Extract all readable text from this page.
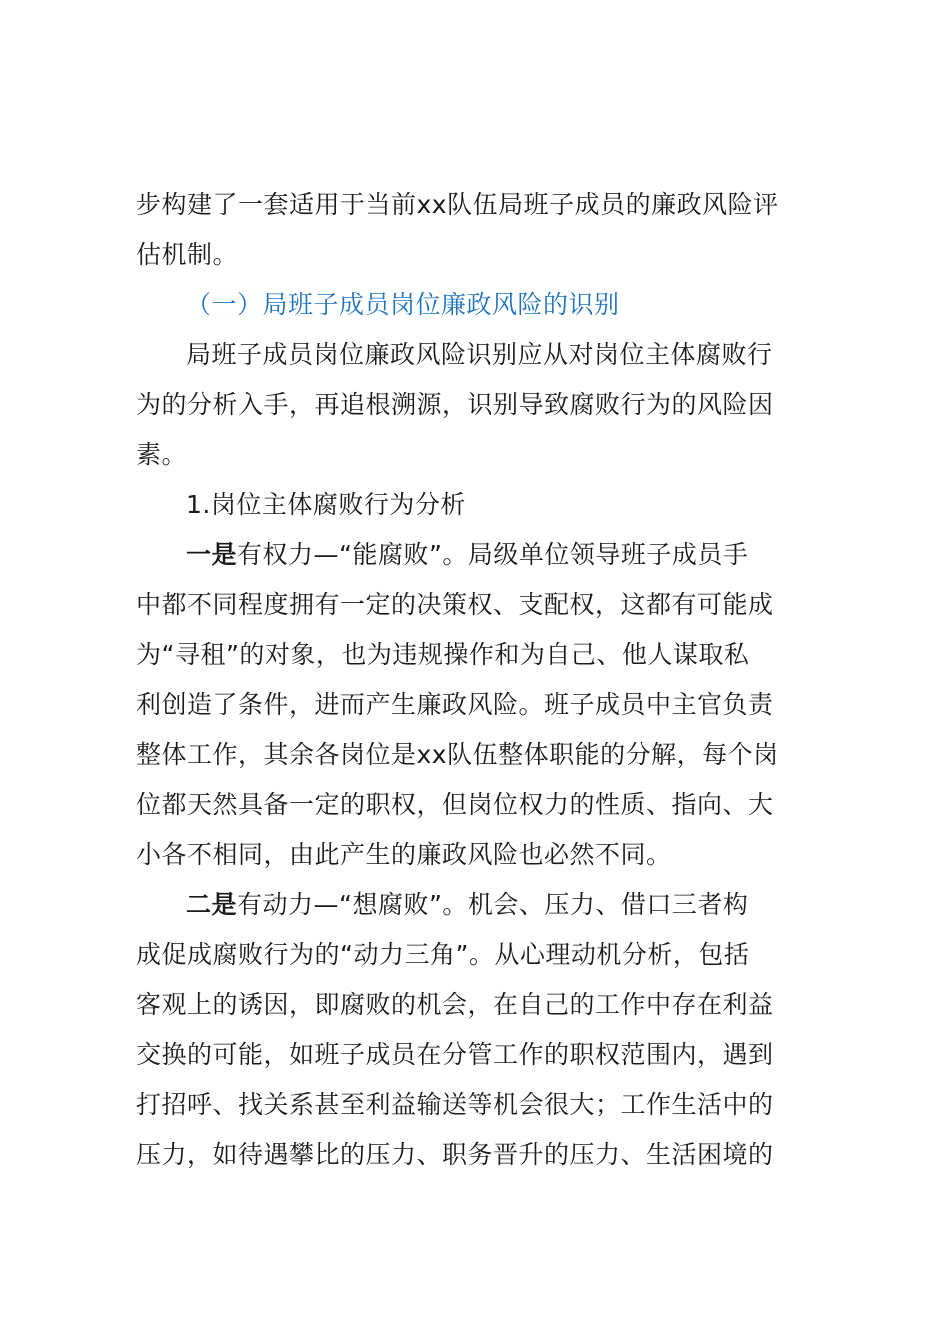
步构建了一套适用于当前xx队伍局班子成员的廉政风险评
估机制。
（一）局班子成员岗位廉政风险的识别
局班子成员岗位廉政风险识别应从对岗位主体腐败行
为的分析入手，再追根溯源，识别导致腐败行为的风险因
素。
1.岗位主体腐败行为分析
一是有权力—“能腐败”。局级单位领导班子成员手
中都不同程度拥有一定的决策权、支配权，这都有可能成
为“寻租”的对象，也为违规操作和为自己、他人谋取私
利创造了条件，进而产生廉政风险。班子成员中主官负责
整体工作，其余各岗位是xx队伍整体职能的分解，每个岗
位都天然具备一定的职权，但岗位权力的性质、指向、大
小各不相同，由此产生的廉政风险也必然不同。
二是有动力—“想腐败”。机会、压力、借口三者构
成促成腐败行为的“动力三角”。从心理动机分析，包括
客观上的诱因，即腐败的机会，在自己的工作中存在利益
交换的可能，如班子成员在分管工作的职权范围内，遇到
打招呼、找关系甚至利益输送等机会很大；工作生活中的
压力，如待遇攀比的压力、职务晋升的压力、生活困境的
